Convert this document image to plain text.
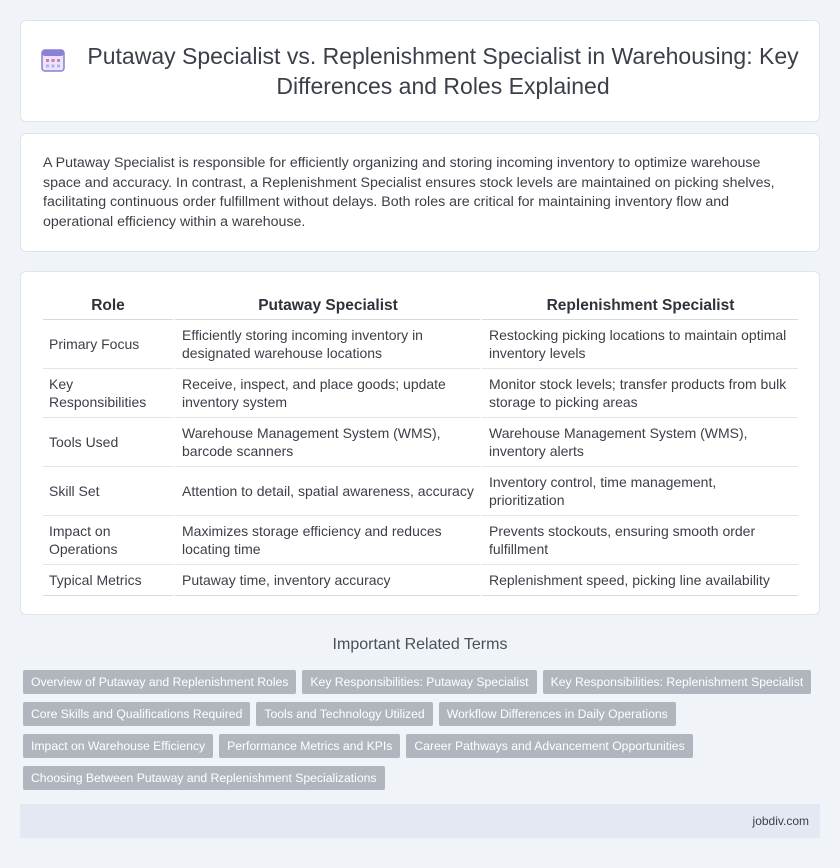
Putaway Specialist vs. Replenishment Specialist in Warehousing: Key Differences and Roles Explained

A Putaway Specialist is responsible for efficiently organizing and storing incoming inventory to optimize warehouse space and accuracy. In contrast, a Replenishment Specialist ensures stock levels are maintained on picking shelves, facilitating continuous order fulfillment without delays. Both roles are critical for maintaining inventory flow and operational efficiency within a warehouse.

Role	Putaway Specialist	Replenishment Specialist
Primary Focus	Efficiently storing incoming inventory in designated warehouse locations	Restocking picking locations to maintain optimal inventory levels
Key Responsibilities	Receive, inspect, and place goods; update inventory system	Monitor stock levels; transfer products from bulk storage to picking areas
Tools Used	Warehouse Management System (WMS), barcode scanners	Warehouse Management System (WMS), inventory alerts
Skill Set	Attention to detail, spatial awareness, accuracy	Inventory control, time management, prioritization
Impact on Operations	Maximizes storage efficiency and reduces locating time	Prevents stockouts, ensuring smooth order fulfillment
Typical Metrics	Putaway time, inventory accuracy	Replenishment speed, picking line availability
Important Related Terms
Overview of Putaway and Replenishment Roles	Key Responsibilities: Putaway Specialist	Key Responsibilities: Replenishment Specialist
Core Skills and Qualifications Required	Tools and Technology Utilized	Workflow Differences in Daily Operations
Impact on Warehouse Efficiency	Performance Metrics and KPIs	Career Pathways and Advancement Opportunities
Choosing Between Putaway and Replenishment Specializations
jobdiv.com
